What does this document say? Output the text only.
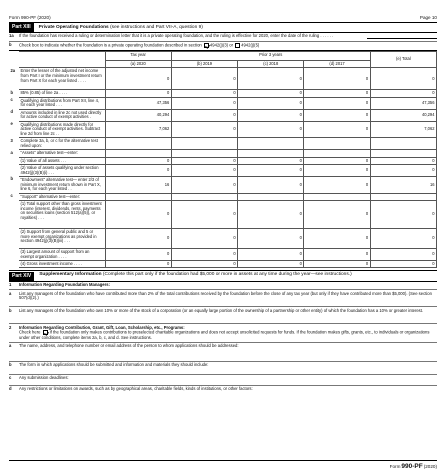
Form 990-PF (2020)	Page 10
Part XIII	Private Operating Foundations (see instructions and Part VII-A, question 9)
1a	If the foundation has received a ruling or determination letter that it is a private operating foundation, and the ruling is effective for 2020, enter the date of the ruling . . . . . .
b	Check box to indicate whether the foundation is a private operating foundation described in section 4942(j)(3) or 4942(j)(5)
		Tax year	Prior 3 years			(e) Total
		(a) 2020	(b) 2019	(c) 2018	(d) 2017	
2a	Enter the lesser of the adjusted net income from Part I or the minimum investment return from Part X for each year listed . . . .	0	0	0	0	0
b	85% (0.85) of line 2a . . . .	0	0	0	0	0
c	Qualifying distributions from Part XII, line 4, for each year listed . . .	47,356	0	0	0	47,356
d	Amounts included in line 2c not used directly for active conduct of exempt activities .	40,294	0	0	0	40,294
e	Qualifying distributions made directly for active conduct of exempt activities. Subtract line 2d from line 2c . .	7,062	0	0	0	7,062
3	Complete 3a, b, or c for the alternative test relied upon:					
a	"Assets" alternative test—enter:					
	(1) Value of all assets . . .	0	0	0	0	0
	(2) Value of assets qualifying under section 4942(j)(3)(B)(i) . . .	0	0	0	0	0
b	"Endowment" alternative test— enter 2/3 of minimum investment return shown in Part X, line 6, for each year listed . .	16	0	0	0	16
c	"Support" alternative test—enter:					
	(1) Total support other than gross investment income (interest, dividends, rents, payments on securities loans (section 512(a)(5)), or royalties) . . .	0	0	0	0	0
	(2) Support from general public and 5 or more exempt organizations as provided in section 4942(j)(3)(B)(iii) . . .	0	0	0	0	0
	(3) Largest amount of support from an exempt organization . . . .	0	0	0	0	0
	(4) Gross investment income . . . .	0	0	0	0	0
Part XIV	Supplementary Information (Complete this part only if the foundation had $5,000 or more in assets at any time during the year—see instructions.)
1	Information Regarding Foundation Managers:
a	List any managers of the foundation who have contributed more than 2% of the total contributions received by the foundation before the close of any tax year (but only if they have contributed more than $5,000). (See section 507(d)(2).)
b	List any managers of the foundation who own 10% or more of the stock of a corporation (or an equally large portion of the ownership of a partnership or other entity) of which the foundation has a 10% or greater interest.
2	Information Regarding Contribution, Grant, Gift, Loan, Scholarship, etc., Programs:
Check here if the foundation only makes contributions to preselected charitable organizations and does not accept unsolicited requests for funds. If the foundation makes gifts, grants, etc., to individuals or organizations under other conditions, complete items 2a, b, c, and d. See instructions.
a	The name, address, and telephone number or email address of the person to whom applications should be addressed:
b	The form in which applications should be submitted and information and materials they should include:
c	Any submission deadlines:
d	Any restrictions or limitations on awards, such as by geographical areas, charitable fields, kinds of institutions, or other factors:
Form 990-PF (2020)
